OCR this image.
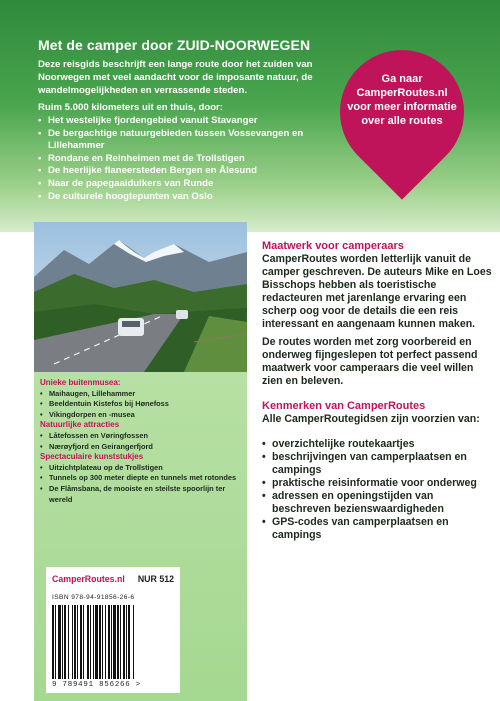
Met de camper door ZUID-NOORWEGEN
Deze reisgids beschrijft een lange route door het zuiden van Noorwegen met veel aandacht voor de imposante natuur, de wandelmogelijkheden en verrassende steden.
Ruim 5.000 kilometers uit en thuis, door:
• Het westelijke fjordengebied vanuit Stavanger
• De bergachtige natuurgebieden tussen Vossevangen en Lillehammer
• Rondane en Reinheimen met de Trollstigen
• De heerlijke flaneersteden Bergen en Ålesund
• Naar de papegaaiduikers van Runde
• De culturele hoogtepunten van Oslo
Ga naar CamperRoutes.nl voor meer informatie over alle routes
Unieke buitenmusea:
• Maihaugen, Lillehammer
• Beeldentuin Kistefos bij Hønefoss
• Vikingdorpen en -musea
Natuurlijke attracties
• Låtefossen en Vøringfossen
• Nærøyfjord en Geirangerfjord
Spectaculaire kunststukjes
• Uitzichtplateau op de Trollstigen
• Tunnels op 300 meter diepte en tunnels met rotondes
• De Flåmsbana, de mooiste en steilste spoorlijn ter wereld
CamperRoutes.nl NUR 512
ISBN 978-94-91856-26-6
9 789491 856266 >

Maatwerk voor camperaars

CamperRoutes worden letterlijk vanuit de camper geschreven. De auteurs Mike en Loes Bisschops hebben als toeristische redacteuren met jarenlange ervaring een scherp oog voor de details die een reis interessant en aangenaam kunnen maken.

De routes worden met zorg voorbereid en onderweg fijngeslepen tot perfect passend maatwerk voor camperaars die veel willen zien en beleven.

Kenmerken van CamperRoutes

Alle CamperRoutegidsen zijn voorzien van:

• overzichtelijke routekaartjes
• beschrijvingen van camperplaatsen en campings
• praktische reisinformatie voor onderweg
• adressen en openingstijden van beschreven bezienswaardigheden
• GPS-codes van camperplaatsen en campings
